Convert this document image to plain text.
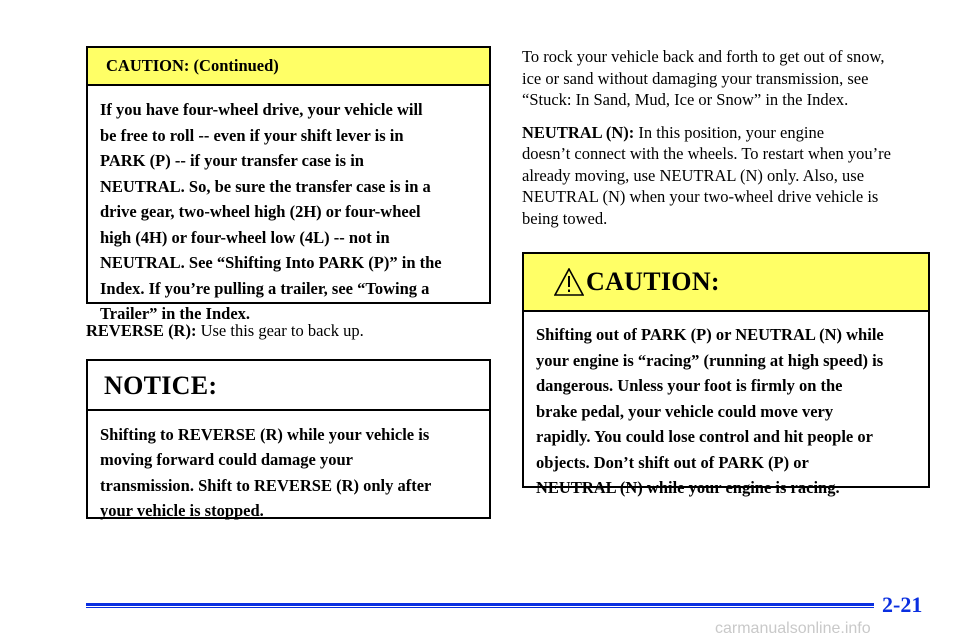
CAUTION: (Continued)
If you have four-wheel drive, your vehicle will
be free to roll -- even if your shift lever is in
PARK (P) -- if your transfer case is in
NEUTRAL. So, be sure the transfer case is in a
drive gear, two-wheel high (2H) or four-wheel
high (4H) or four-wheel low (4L) -- not in
NEUTRAL. See “Shifting Into PARK (P)” in the
Index. If you’re pulling a trailer, see “Towing a
Trailer” in the Index.

REVERSE (R): Use this gear to back up.

NOTICE:
Shifting to REVERSE (R) while your vehicle is
moving forward could damage your
transmission. Shift to REVERSE (R) only after
your vehicle is stopped.
To rock your vehicle back and forth to get out of snow,
ice or sand without damaging your transmission, see
“Stuck: In Sand, Mud, Ice or Snow” in the Index.
NEUTRAL (N): In this position, your engine
doesn’t connect with the wheels. To restart when you’re
already moving, use NEUTRAL (N) only. Also, use
NEUTRAL (N) when your two-wheel drive vehicle is
being towed.
CAUTION:
Shifting out of PARK (P) or NEUTRAL (N) while
your engine is “racing” (running at high speed) is
dangerous. Unless your foot is firmly on the
brake pedal, your vehicle could move very
rapidly. You could lose control and hit people or
objects. Don’t shift out of PARK (P) or
NEUTRAL (N) while your engine is racing.
2-21
carmanualsonline.info
